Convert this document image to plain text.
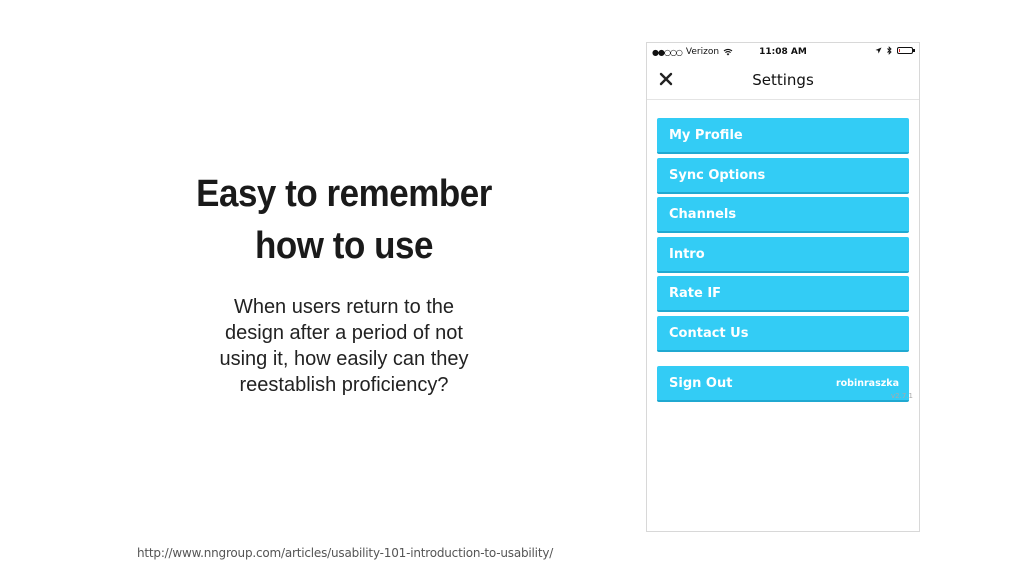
Easy to remember
how to use
When users return to the
design after a period of not
using it, how easily can they
reestablish proficiency?
http://www.nngroup.com/articles/usability-101-introduction-to-usability/
●●○○○ Verizon	11:08 AM
Settings
My Profile
Sync Options
Channels
Intro
Rate IF
Contact Us
Sign Out	robinraszka
v2.7.1
